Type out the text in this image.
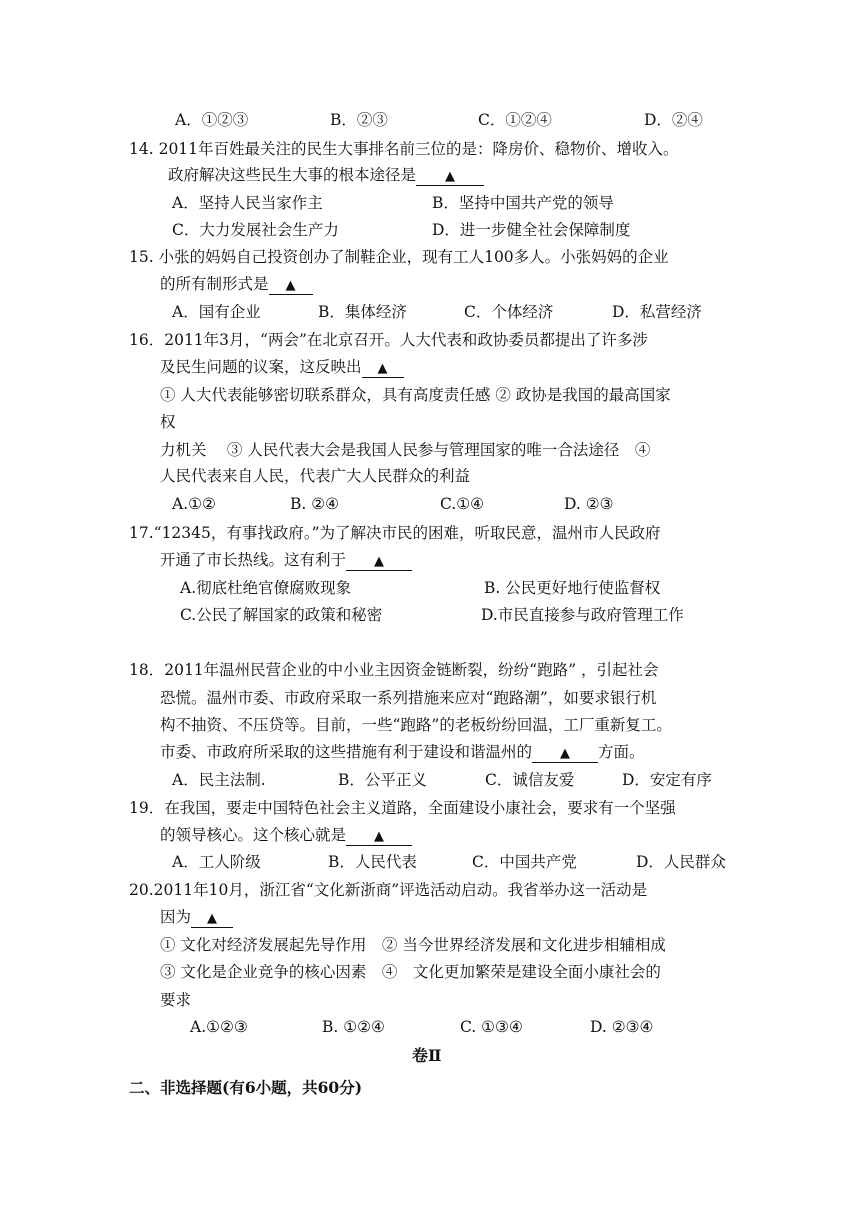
A．①②③	B．②③	C．①②④	D．②④
14. 2011年百姓最关注的民生大事排名前三位的是：降房价、稳物价、增收入。
政府解决这些民生大事的根本途径是 ▲
A．坚持人民当家作主	B．坚持中国共产党的领导
C．大力发展社会生产力	D．进一步健全社会保障制度
15. 小张的妈妈自己投资创办了制鞋企业，现有工人100多人。小张妈妈的企业
的所有制形式是 ▲
A．国有企业	B．集体经济	C．个体经济	D．私营经济
16．2011年3月，“两会”在北京召开。人大代表和政协委员都提出了许多涉
及民生问题的议案，这反映出 ▲
① 人大代表能够密切联系群众，具有高度责任感 ② 政协是我国的最高国家
权
力机关　 ③ 人民代表大会是我国人民参与管理国家的唯一合法途径　④
人民代表来自人民，代表广大人民群众的利益
A.①②	B. ②④	C.①④	D. ②③
17.“12345，有事找政府。”为了解决市民的困难，听取民意，温州市人民政府
开通了市长热线。这有利于 ▲
A.彻底杜绝官僚腐败现象	B. 公民更好地行使监督权
C.公民了解国家的政策和秘密	D.市民直接参与政府管理工作
18．2011年温州民营企业的中小业主因资金链断裂，纷纷“跑路” ，引起社会
恐慌。温州市委、市政府采取一系列措施来应对“跑路潮”，如要求银行机
构不抽资、不压贷等。目前，一些“跑路”的老板纷纷回温，工厂重新复工。
市委、市政府所采取的这些措施有利于建设和谐温州的 ▲ 方面。
A．民主法制.	B．公平正义	C．诚信友爱	D．安定有序
19．在我国，要走中国特色社会主义道路，全面建设小康社会，要求有一个坚强
的领导核心。这个核心就是 ▲
A．工人阶级	B．人民代表	C．中国共产党	D．人民群众
20.2011年10月，浙江省“文化新浙商”评选活动启动。我省举办这一活动是
因为 ▲
① 文化对经济发展起先导作用　② 当今世界经济发展和文化进步相辅相成
③ 文化是企业竞争的核心因素　④　文化更加繁荣是建设全面小康社会的
要求
A.①②③	B. ①②④	C. ①③④	D. ②③④
卷Ⅱ
二、非选择题(有6小题，共60分)
